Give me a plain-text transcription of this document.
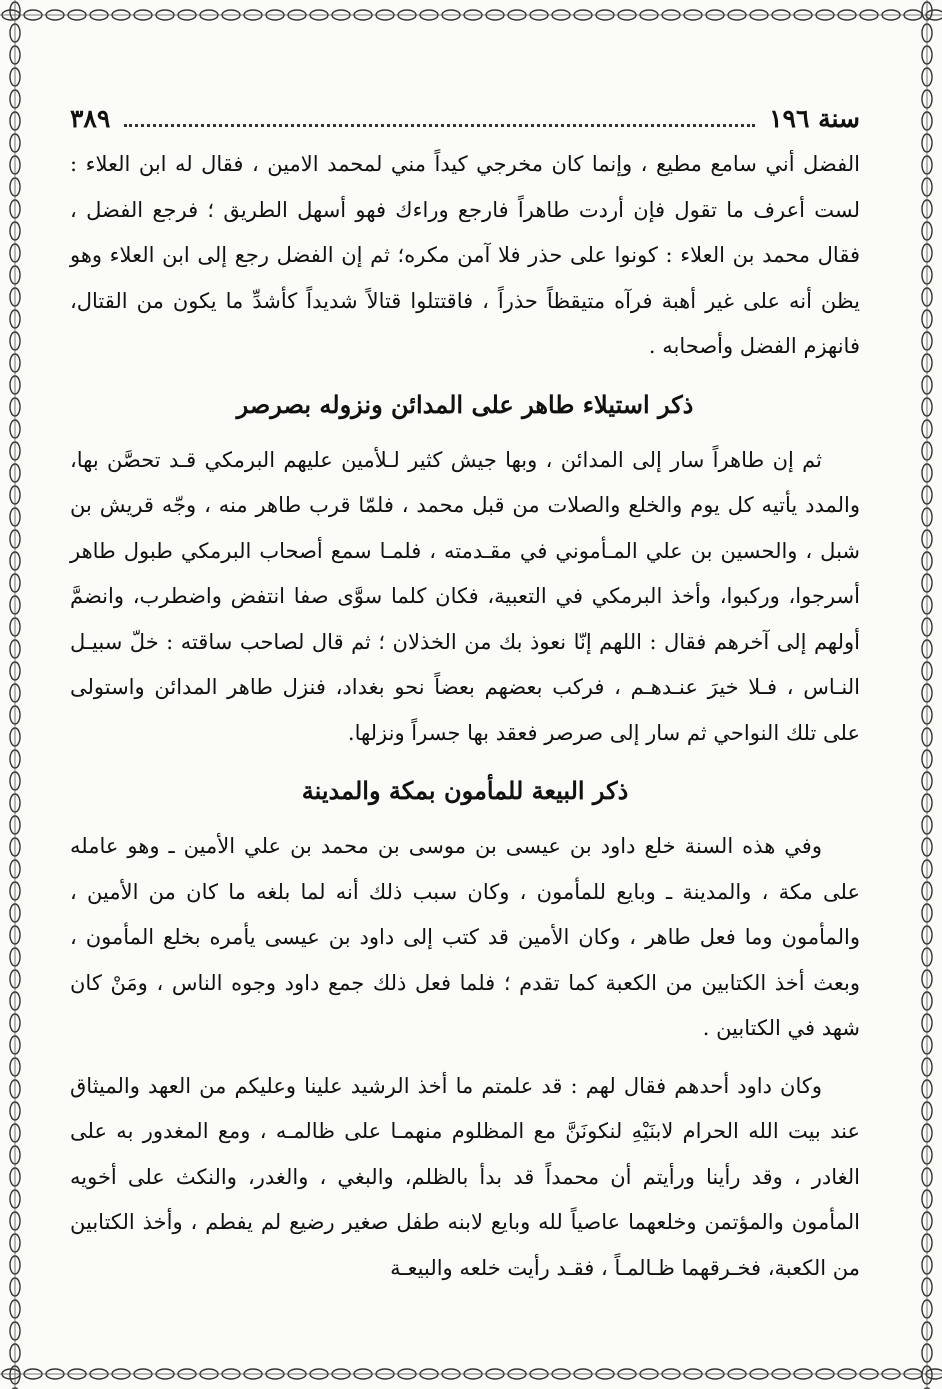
سنة ١٩٦
٣٨٩

الفضل أني سامع مطيع ، وإنما كان مخرجي كيداً مني لمحمد الامين ، فقال له ابن العلاء : لست أعرف ما تقول فإن أردت طاهراً فارجع وراءك فهو أسهل الطريق ؛ فرجع الفضل ، فقال محمد بن العلاء : كونوا على حذر فلا آمن مكره؛ ثم إن الفضل رجع إلى ابن العلاء وهو يظن أنه على غير أهبة فرآه متيقظاً حذراً ، فاقتتلوا قتالاً شديداً كأشدِّ ما يكون من القتال، فانهزم الفضل وأصحابه .

ذكر استيلاء طاهر على المدائن ونزوله بصرصر

ثم إن طاهراً سار إلى المدائن ، وبها جيش كثير لـلأمين عليهم البرمكي قـد تحصَّن بها، والمدد يأتيه كل يوم والخلع والصلات من قبل محمد ، فلمّا قرب طاهر منه ، وجّه قريش بن شبل ، والحسين بن علي المـأموني في مقـدمته ، فلمـا سمع أصحاب البرمكي طبول طاهر أسرجوا، وركبوا، وأخذ البرمكي في التعبية، فكان كلما سوَّى صفا انتفض واضطرب، وانضمَّ أولهم إلى آخرهم فقال : اللهم إنّا نعوذ بك من الخذلان ؛ ثم قال لصاحب ساقته : خلّ سبيـل النـاس ، فـلا خيرَ عنـدهـم ، فركب بعضهم بعضاً نحو بغداد، فنزل طاهر المدائن واستولى على تلك النواحي ثم سار إلى صرصر فعقد بها جسراً ونزلها.

ذكر البيعة للمأمون بمكة والمدينة

وفي هذه السنة خلع داود بن عيسى بن موسى بن محمد بن علي الأمين ـ وهو عامله على مكة ، والمدينة ـ وبايع للمأمون ، وكان سبب ذلك أنه لما بلغه ما كان من الأمين ، والمأمون وما فعل طاهر ، وكان الأمين قد كتب إلى داود بن عيسى يأمره بخلع المأمون ، وبعث أخذ الكتابين من الكعبة كما تقدم ؛ فلما فعل ذلك جمع داود وجوه الناس ، ومَنْ كان شهد في الكتابين .

وكان داود أحدهم فقال لهم : قد علمتم ما أخذ الرشيد علينا وعليكم من العهد والميثاق عند بيت الله الحرام لابنَيْهِ لنكونَنَّ مع المظلوم منهمـا على ظالمـه ، ومع المغدور به على الغادر ، وقد رأينا ورأيتم أن محمداً قد بدأ بالظلم، والبغي ، والغدر، والنكث على أخويه المأمون والمؤتمن وخلعهما عاصياً لله وبايع لابنه طفل صغير رضيع لم يفطم ، وأخذ الكتابين من الكعبة، فخـرقهما ظـالمـاً ، فقـد رأيت خلعه والبيعـة
